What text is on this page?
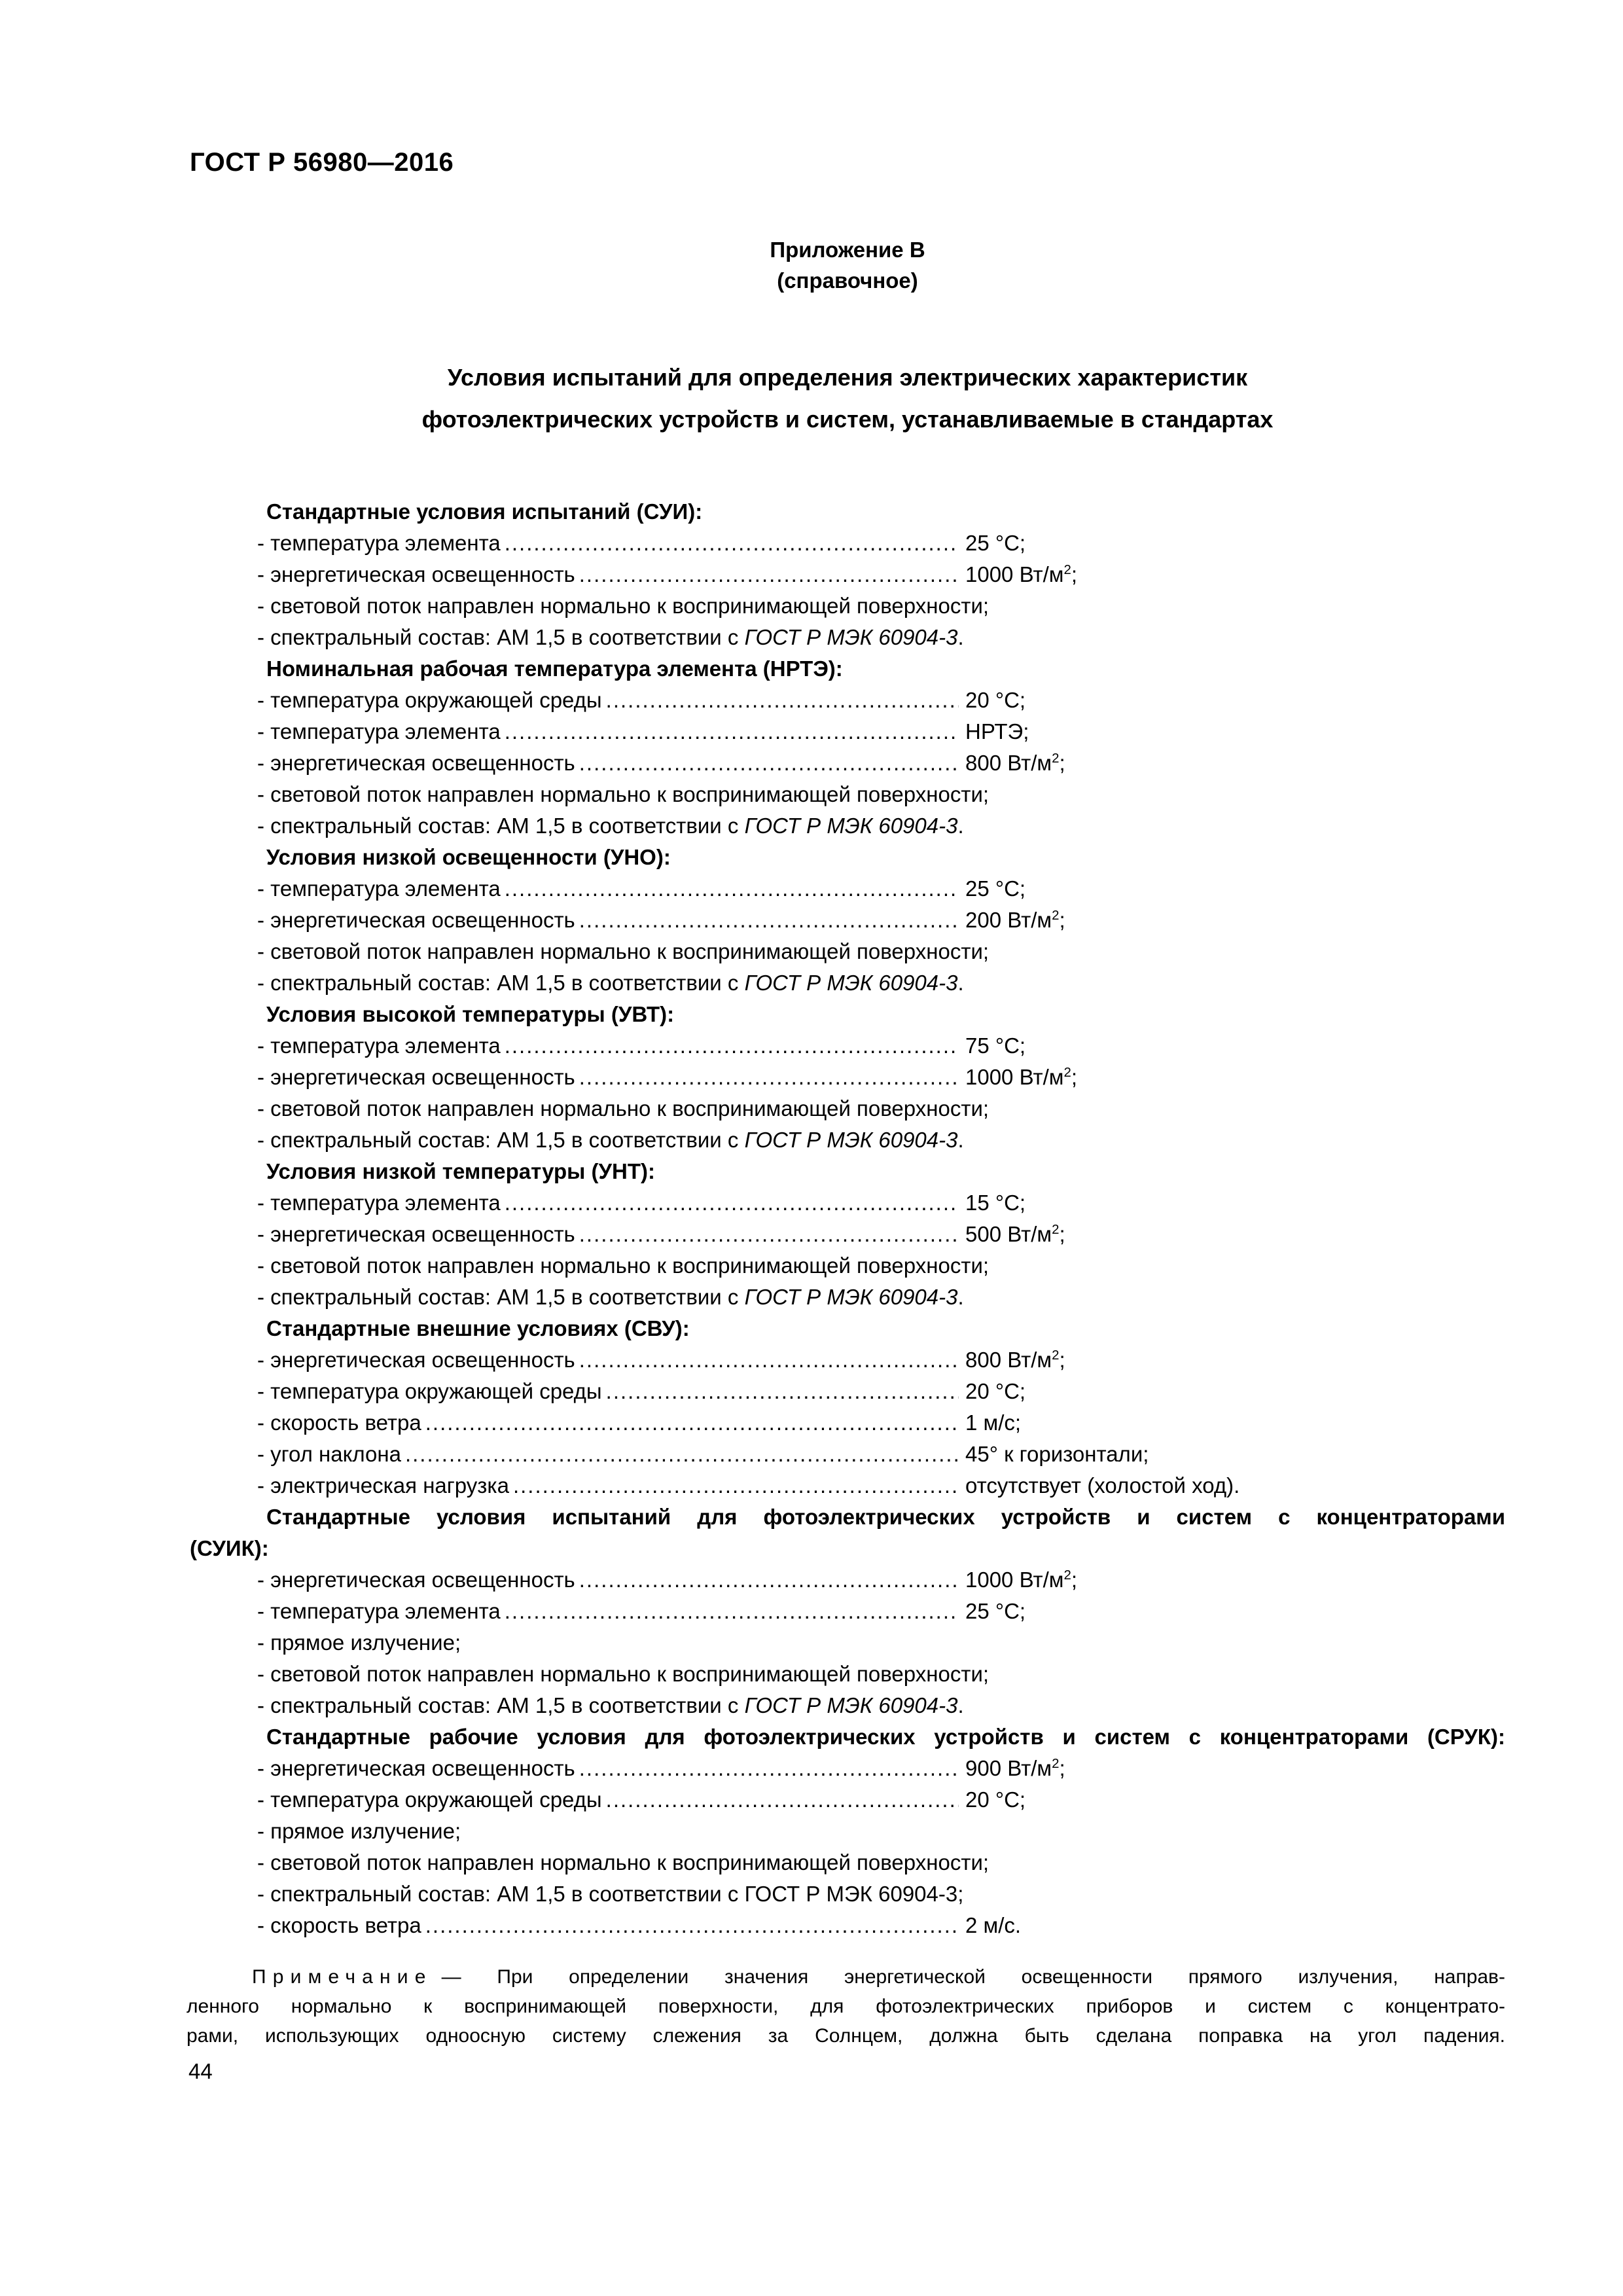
ГОСТ Р 56980—2016
Приложение В
(справочное)
Условия испытаний для определения электрических характеристик
фотоэлектрических устройств и систем, устанавливаемые в стандартах
Стандартные условия испытаний (СУИ):
- температура элемента .....	25 °C;
- энергетическая освещенность .....	1000 $Вт/м^2$;
- световой поток направлен нормально к воспринимающей поверхности;
- спектральный состав: АМ 1,5 в соответствии с ГОСТ Р МЭК 60904-3.
Номинальная рабочая температура элемента (НРТЭ):
- температура окружающей среды .....	20 °C;
- температура элемента .....	НРТЭ;
- энергетическая освещенность .....	800 $Вт/м^2$;
- световой поток направлен нормально к воспринимающей поверхности;
- спектральный состав: АМ 1,5 в соответствии с ГОСТ Р МЭК 60904-3.
Условия низкой освещенности (УНО):
- температура элемента .....	25 °C;
- энергетическая освещенность .....	200 $Вт/м^2$;
- световой поток направлен нормально к воспринимающей поверхности;
- спектральный состав: АМ 1,5 в соответствии с ГОСТ Р МЭК 60904-3.
Условия высокой температуры (УВТ):
- температура элемента .....	75 °C;
- энергетическая освещенность .....	1000 $Вт/м^2$;
- световой поток направлен нормально к воспринимающей поверхности;
- спектральный состав: АМ 1,5 в соответствии с ГОСТ Р МЭК 60904-3.
Условия низкой температуры (УНТ):
- температура элемента .....	15 °C;
- энергетическая освещенность .....	500 $Вт/м^2$;
- световой поток направлен нормально к воспринимающей поверхности;
- спектральный состав: АМ 1,5 в соответствии с ГОСТ Р МЭК 60904-3.
Стандартные внешние условиях (СВУ):
- энергетическая освещенность .....	800 $Вт/м^2$;
- температура окружающей среды .....	20 °C;
- скорость ветра .....	1 м/с;
- угол наклона .....	45° к горизонтали;
- электрическая нагрузка .....	отсутствует (холостой ход).
Стандартные условия испытаний для фотоэлектрических устройств и систем с концентраторами
(СУИК):
- энергетическая освещенность .....	1000 $Вт/м^2$;
- температура элемента .....	25 °C;
- прямое излучение;
- световой поток направлен нормально к воспринимающей поверхности;
- спектральный состав: АМ 1,5 в соответствии с ГОСТ Р МЭК 60904-3.
Стандартные рабочие условия для фотоэлектрических устройств и систем с концентраторами (СРУК):
- энергетическая освещенность .....	900 $Вт/м^2$;
- температура окружающей среды .....	20 °C;
- прямое излучение;
- световой поток направлен нормально к воспринимающей поверхности;
- спектральный состав: АМ 1,5 в соответствии с ГОСТ Р МЭК 60904-3;
- скорость ветра .....	2 м/с.
Примечание — При определении значения энергетической освещенности прямого излучения, направ-
ленного нормально к воспринимающей поверхности, для фотоэлектрических приборов и систем с концентрато-
рами, использующих одноосную систему слежения за Солнцем, должна быть сделана поправка на угол падения.
44
